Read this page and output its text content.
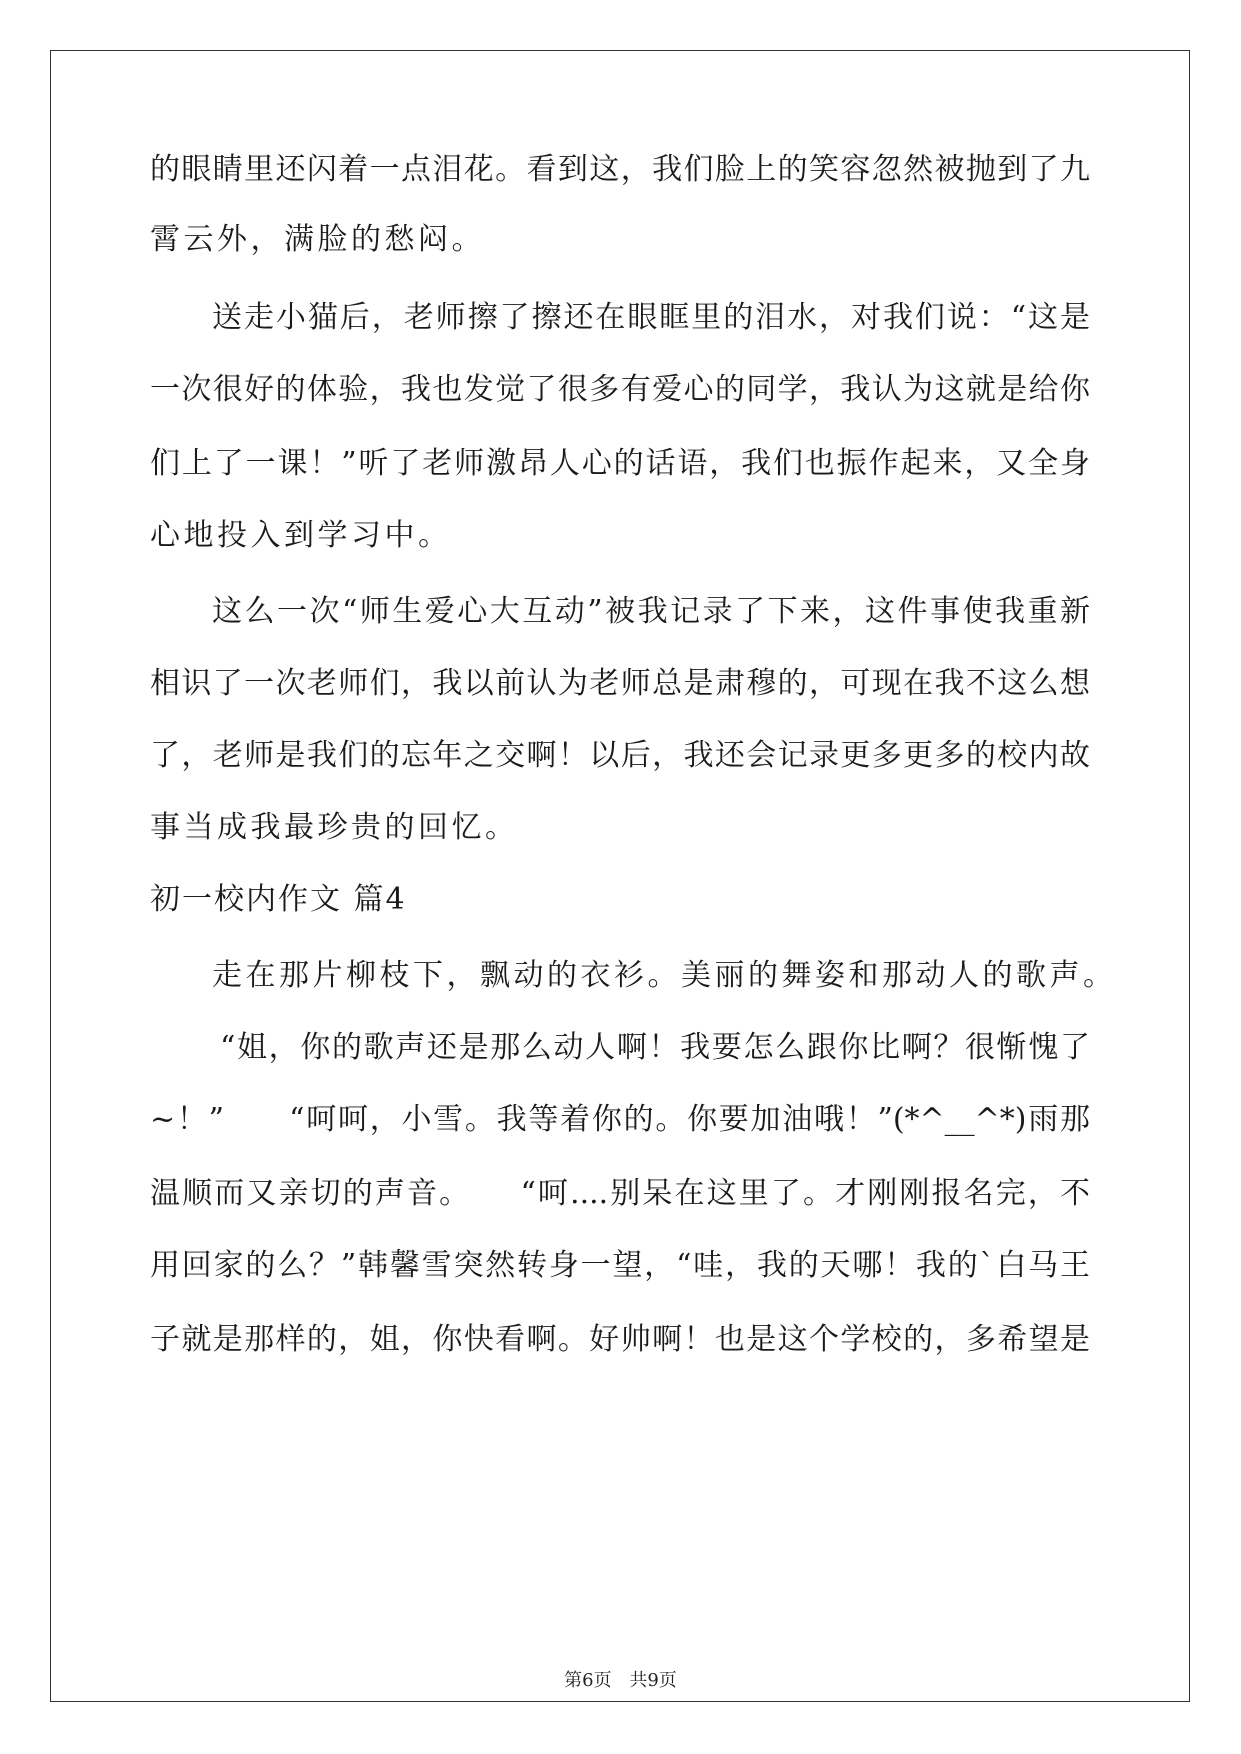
的眼睛里还闪着一点泪花。看到这，我们脸上的笑容忽然被抛到了九
霄云外，满脸的愁闷。
送走小猫后，老师擦了擦还在眼眶里的泪水，对我们说：“这是
一次很好的体验，我也发觉了很多有爱心的同学，我认为这就是给你
们上了一课！”听了老师激昂人心的话语，我们也振作起来，又全身
心地投入到学习中。
这么一次“师生爱心大互动”被我记录了下来，这件事使我重新
相识了一次老师们，我以前认为老师总是肃穆的，可现在我不这么想
了，老师是我们的忘年之交啊！以后，我还会记录更多更多的校内故
事当成我最珍贵的回忆。
初一校内作文 篇4
走在那片柳枝下，飘动的衣衫。美丽的舞姿和那动人的歌声。
“姐，你的歌声还是那么动人啊！我要怎么跟你比啊？很惭愧了
~！”　　“呵呵，小雪。我等着你的。你要加油哦！”(*^__^*)雨那
温顺而又亲切的声音。　　“呵....别呆在这里了。才刚刚报名完，不
用回家的么？”韩馨雪突然转身一望，“哇，我的天哪！我的`白马王
子就是那样的，姐，你快看啊。好帅啊！也是这个学校的，多希望是
第6页 共9页
